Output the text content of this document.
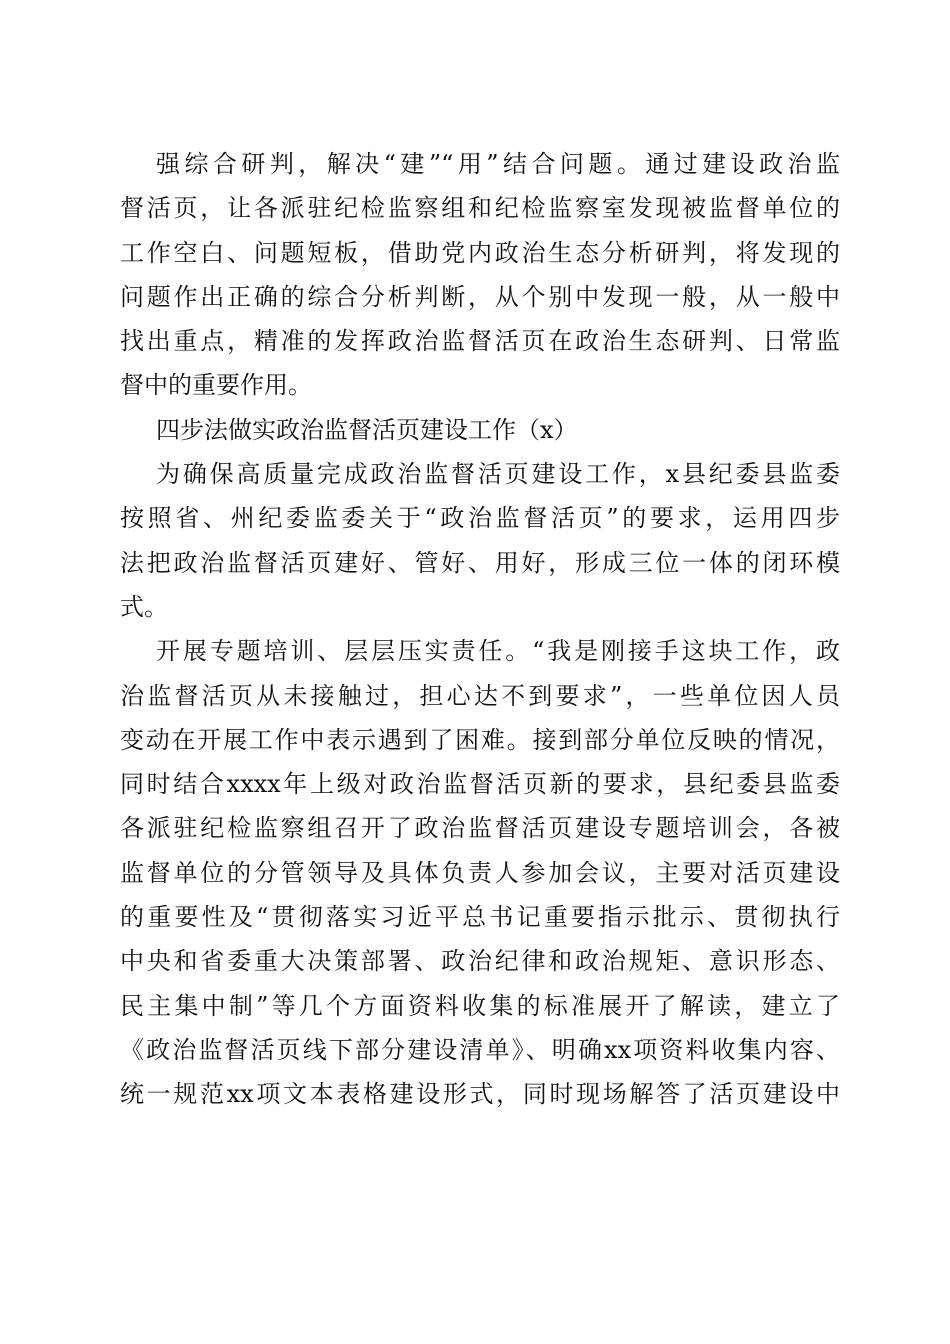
强综合研判，解决“建”“用”结合问题。通过建设政治监
督活页，让各派驻纪检监察组和纪检监察室发现被监督单位的
工作空白、问题短板，借助党内政治生态分析研判，将发现的
问题作出正确的综合分析判断，从个别中发现一般，从一般中
找出重点，精准的发挥政治监督活页在政治生态研判、日常监
督中的重要作用。
四步法做实政治监督活页建设工作（x）
为确保高质量完成政治监督活页建设工作，x县纪委县监委
按照省、州纪委监委关于“政治监督活页”的要求，运用四步
法把政治监督活页建好、管好、用好，形成三位一体的闭环模
式。
开展专题培训、层层压实责任。“我是刚接手这块工作，政
治监督活页从未接触过，担心达不到要求”，一些单位因人员
变动在开展工作中表示遇到了困难。接到部分单位反映的情况，
同时结合xxxx年上级对政治监督活页新的要求，县纪委县监委
各派驻纪检监察组召开了政治监督活页建设专题培训会，各被
监督单位的分管领导及具体负责人参加会议，主要对活页建设
的重要性及“贯彻落实习近平总书记重要指示批示、贯彻执行
中央和省委重大决策部署、政治纪律和政治规矩、意识形态、
民主集中制”等几个方面资料收集的标准展开了解读，建立了
《政治监督活页线下部分建设清单》、明确xx项资料收集内容、
统一规范xx项文本表格建设形式，同时现场解答了活页建设中
